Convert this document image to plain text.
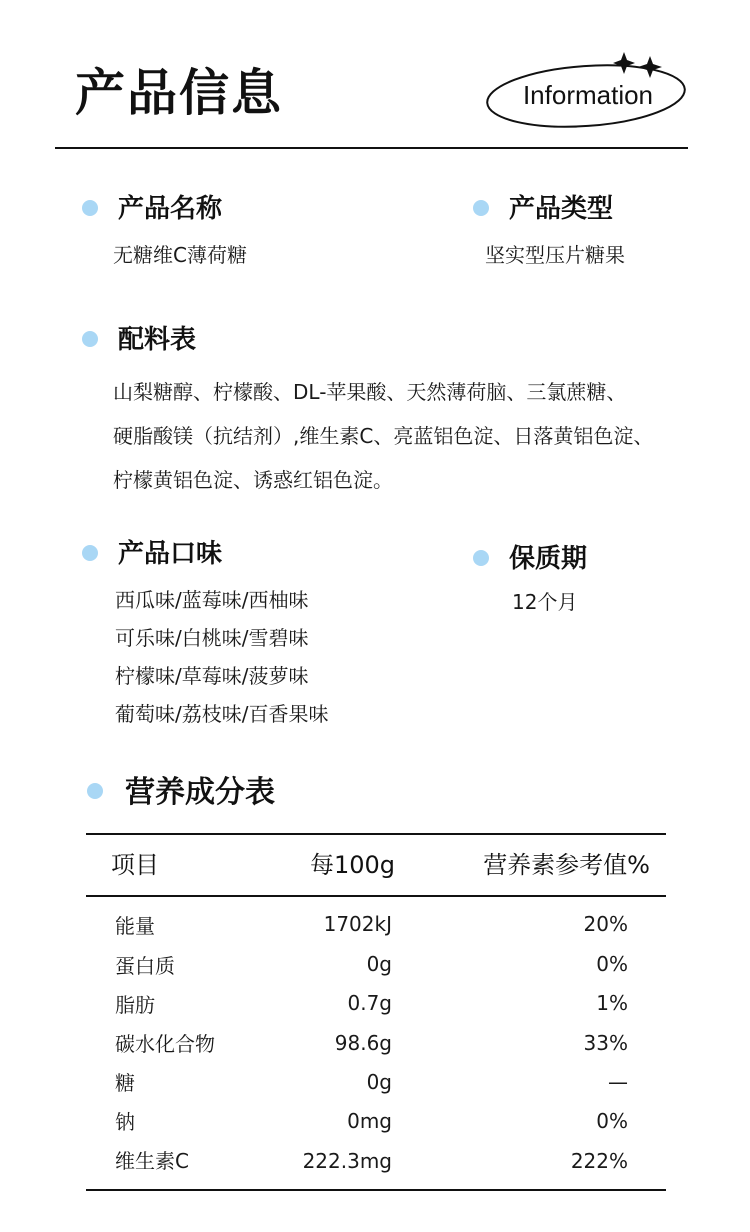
产品信息	Information
产品名称
无糖维C薄荷糖
产品类型
坚实型压片糖果
配料表
山梨糖醇、柠檬酸、DL-苹果酸、天然薄荷脑、三氯蔗糖、
硬脂酸镁（抗结剂）,维生素C、亮蓝铝色淀、日落黄铝色淀、
柠檬黄铝色淀、诱惑红铝色淀。
产品口味
西瓜味/蓝莓味/西柚味
可乐味/白桃味/雪碧味
柠檬味/草莓味/菠萝味
葡萄味/荔枝味/百香果味
保质期
12个月
营养成分表
项目	每100g	营养素参考值%
能量	1702kJ	20%
蛋白质	0g	0%
脂肪	0.7g	1%
碳水化合物	98.6g	33%
糖	0g	—
钠	0mg	0%
维生素C	222.3mg	222%
